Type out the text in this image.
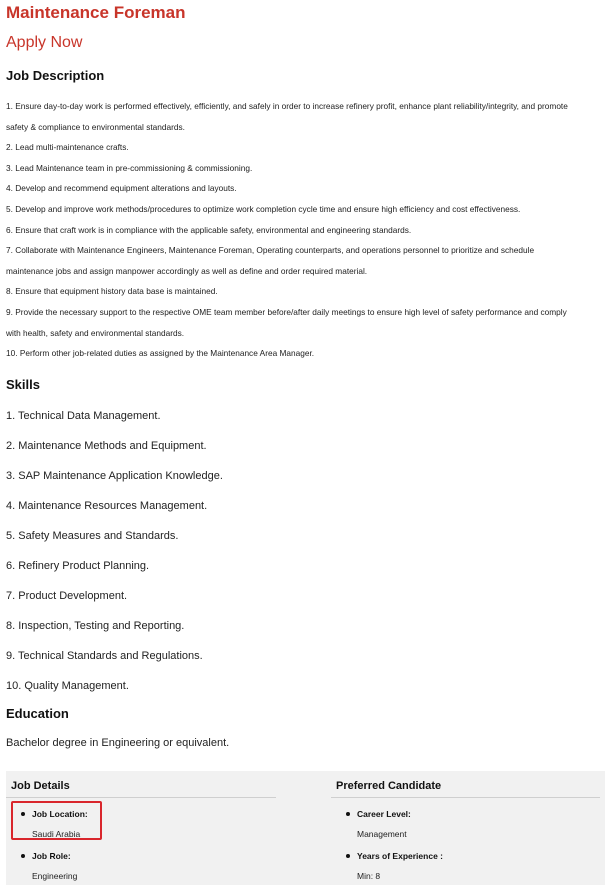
Maintenance Foreman
Apply Now
Job Description
1. Ensure day-to-day work is performed effectively, efficiently, and safely in order to increase refinery profit, enhance plant reliability/integrity, and promote
safety & compliance to environmental standards.
2. Lead multi-maintenance crafts.
3. Lead Maintenance team in pre-commissioning & commissioning.
4. Develop and recommend equipment alterations and layouts.
5. Develop and improve work methods/procedures to optimize work completion cycle time and ensure high efficiency and cost effectiveness.
6. Ensure that craft work is in compliance with the applicable safety, environmental and engineering standards.
7. Collaborate with Maintenance Engineers, Maintenance Foreman, Operating counterparts, and operations personnel to prioritize and schedule
maintenance jobs and assign manpower accordingly as well as define and order required material.
8. Ensure that equipment history data base is maintained.
9. Provide the necessary support to the respective OME team member before/after daily meetings to ensure high level of safety performance and comply
with health, safety and environmental standards.
10. Perform other job-related duties as assigned by the Maintenance Area Manager.
Skills
1. Technical Data Management.
2. Maintenance Methods and Equipment.
3. SAP Maintenance Application Knowledge.
4. Maintenance Resources Management.
5. Safety Measures and Standards.
6. Refinery Product Planning.
7. Product Development.
8. Inspection, Testing and Reporting.
9. Technical Standards and Regulations.
10. Quality Management.
Education

Bachelor degree in Engineering or equivalent.

Job Details
Job Location:
Saudi Arabia
Job Role:
Engineering
Preferred Candidate
Career Level:
Management
Years of Experience :
Min: 8
